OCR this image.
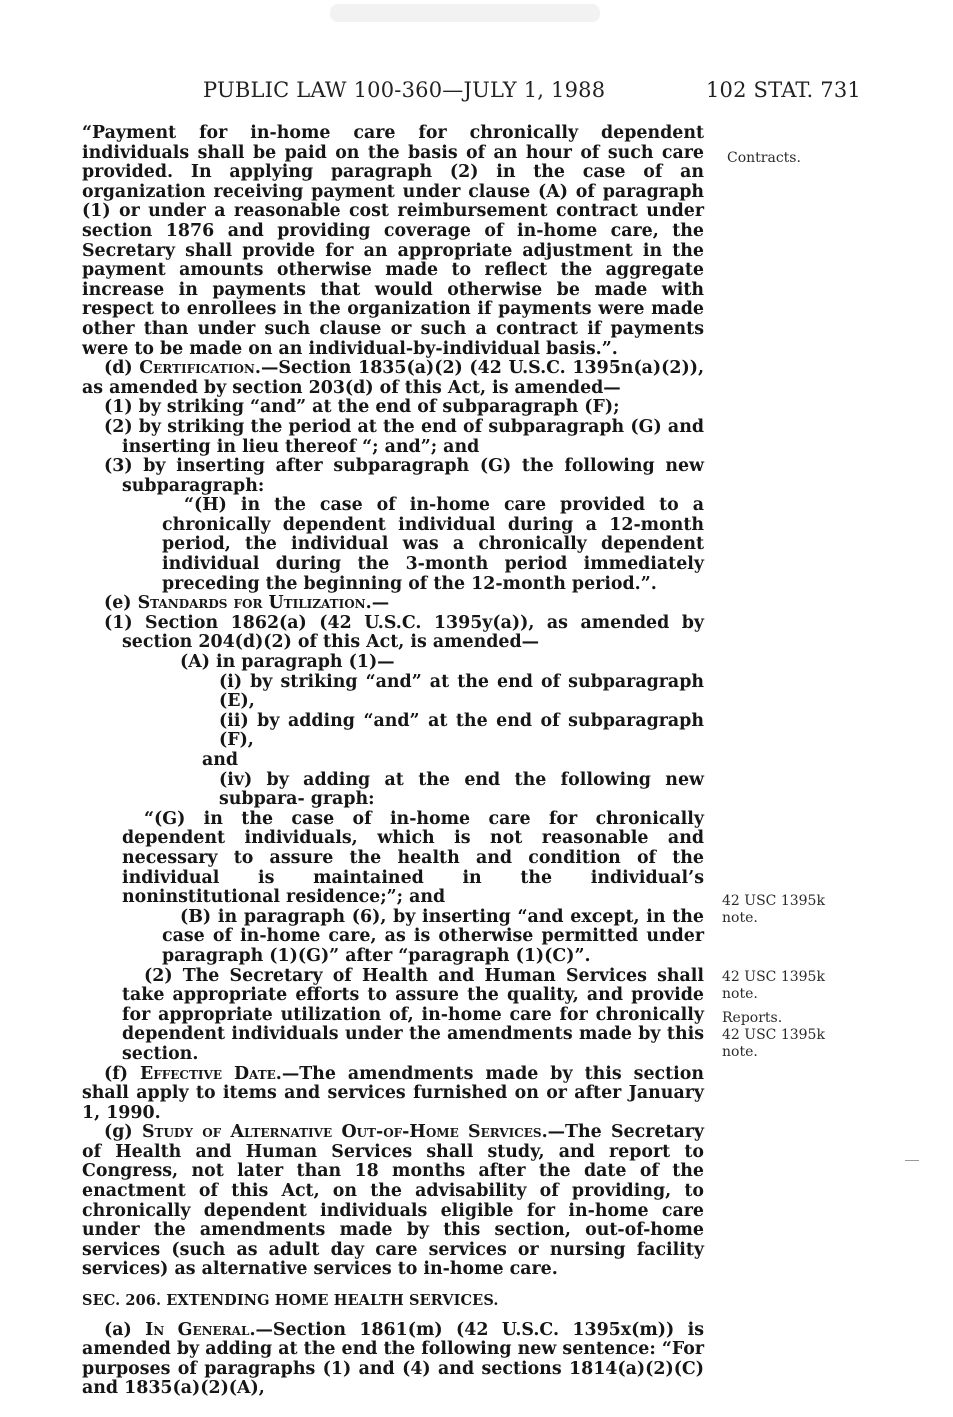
PUBLIC LAW 100-360—JULY 1, 1988	102 STAT. 731

“Payment for in-home care for chronically dependent individuals shall be paid on the basis of an hour of such care provided. In applying paragraph (2) in the case of an organization receiving payment under clause (A) of paragraph (1) or under a reasonable cost reimbursement contract under section 1876 and providing coverage of in-home care, the Secretary shall provide for an appropriate adjustment in the payment amounts otherwise made to reflect the aggregate increase in payments that would otherwise be made with respect to enrollees in the organization if payments were made other than under such clause or such a contract if payments were to be made on an individual-by-individual basis.”.

(d) Certification.—Section 1835(a)(2) (42 U.S.C. 1395n(a)(2)), as amended by section 203(d) of this Act, is amended—

(1) by striking “and” at the end of subparagraph (F);

(2) by striking the period at the end of subparagraph (G) and inserting in lieu thereof “; and”; and

(3) by inserting after subparagraph (G) the following new subparagraph:

“(H) in the case of in-home care provided to a chronically dependent individual during a 12-month period, the individual was a chronically dependent individual during the 3-month period immediately preceding the beginning of the 12-month period.”.

(e) Standards for Utilization.—

(1) Section 1862(a) (42 U.S.C. 1395y(a)), as amended by section 204(d)(2) of this Act, is amended—

(A) in paragraph (1)—

(i) by striking “and” at the end of subparagraph (E),

(ii) by adding “and” at the end of subparagraph (F),

and

(iv) by adding at the end the following new subpara- graph:

“(G) in the case of in-home care for chronically dependent individuals, which is not reasonable and necessary to assure the health and condition of the individual is maintained in the individual’s noninstitutional residence;”; and

(B) in paragraph (6), by inserting “and except, in the case of in-home care, as is otherwise permitted under paragraph (1)(G)” after “paragraph (1)(C)”.

(2) The Secretary of Health and Human Services shall take appropriate efforts to assure the quality, and provide for appropriate utilization of, in-home care for chronically dependent individuals under the amendments made by this section.

(f) Effective Date.—The amendments made by this section shall apply to items and services furnished on or after January 1, 1990.

(g) Study of Alternative Out-of-Home Services.—The Secretary of Health and Human Services shall study, and report to Congress, not later than 18 months after the date of the enactment of this Act, on the advisability of providing, to chronically dependent individuals eligible for in-home care under the amendments made by this section, out-of-home services (such as adult day care services or nursing facility services) as alternative services to in-home care.

SEC. 206. EXTENDING HOME HEALTH SERVICES.

(a) In General.—Section 1861(m) (42 U.S.C. 1395x(m)) is amended by adding at the end the following new sentence: “For purposes of paragraphs (1) and (4) and sections 1814(a)(2)(C) and 1835(a)(2)(A),

Contracts.
42 USC 1395k
note.
42 USC 1395k
note.
Reports.
42 USC 1395k
note.
